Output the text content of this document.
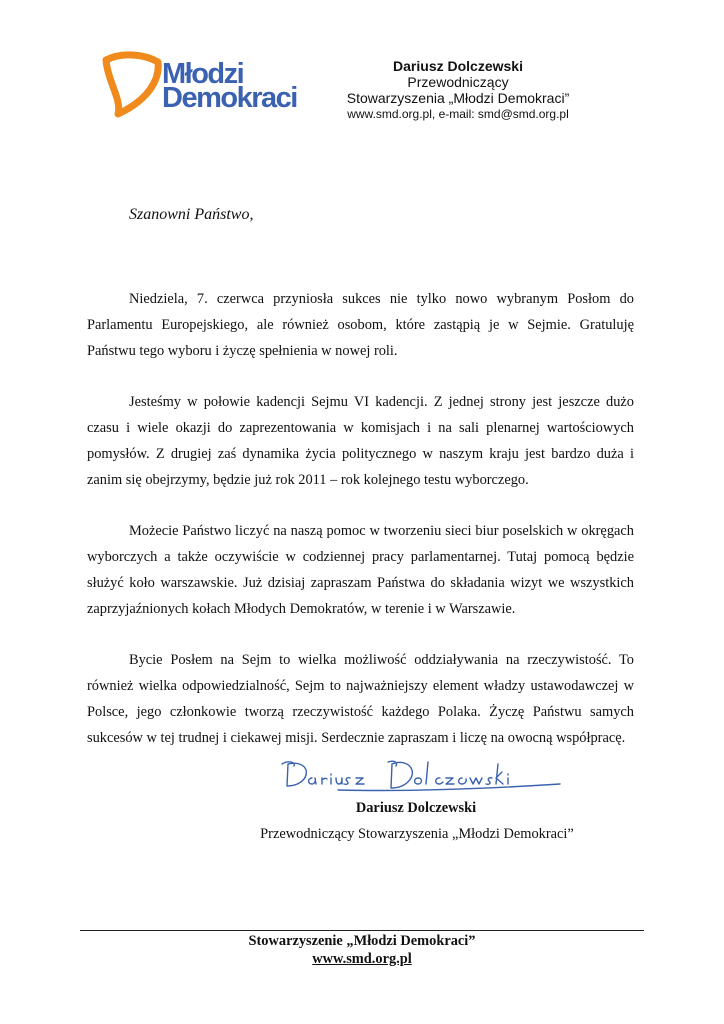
Młodzi
Demokraci
Dariusz Dolczewski
Przewodniczący
Stowarzyszenia „Młodzi Demokraci”
www.smd.org.pl, e-mail: smd@smd.org.pl

Szanowni Państwo,

Niedziela, 7. czerwca przyniosła sukces nie tylko nowo wybranym Posłom do Parlamentu Europejskiego, ale również osobom, które zastąpią je w Sejmie. Gratuluję Państwu tego wyboru i życzę spełnienia w nowej roli.

Jesteśmy w połowie kadencji Sejmu VI kadencji. Z jednej strony jest jeszcze dużo czasu i wiele okazji do zaprezentowania w komisjach i na sali plenarnej wartościowych pomysłów. Z drugiej zaś dynamika życia politycznego w naszym kraju jest bardzo duża i zanim się obejrzymy, będzie już rok 2011 – rok kolejnego testu wyborczego.

Możecie Państwo liczyć na naszą pomoc w tworzeniu sieci biur poselskich w okręgach wyborczych a także oczywiście w codziennej pracy parlamentarnej. Tutaj pomocą będzie służyć koło warszawskie. Już dzisiaj zapraszam Państwa do składania wizyt we wszystkich zaprzyjaźnionych kołach Młodych Demokratów, w terenie i w Warszawie.

Bycie Posłem na Sejm to wielka możliwość oddziaływania na rzeczywistość. To również wielka odpowiedzialność, Sejm to najważniejszy element władzy ustawodawczej w Polsce, jego członkowie tworzą rzeczywistość każdego Polaka. Życzę Państwu samych sukcesów w tej trudnej i ciekawej misji. Serdecznie zapraszam i liczę na owocną współpracę.

Dariusz Dolczewski

Przewodniczący Stowarzyszenia „Młodzi Demokraci”

Stowarzyszenie „Młodzi Demokraci”
www.smd.org.pl
